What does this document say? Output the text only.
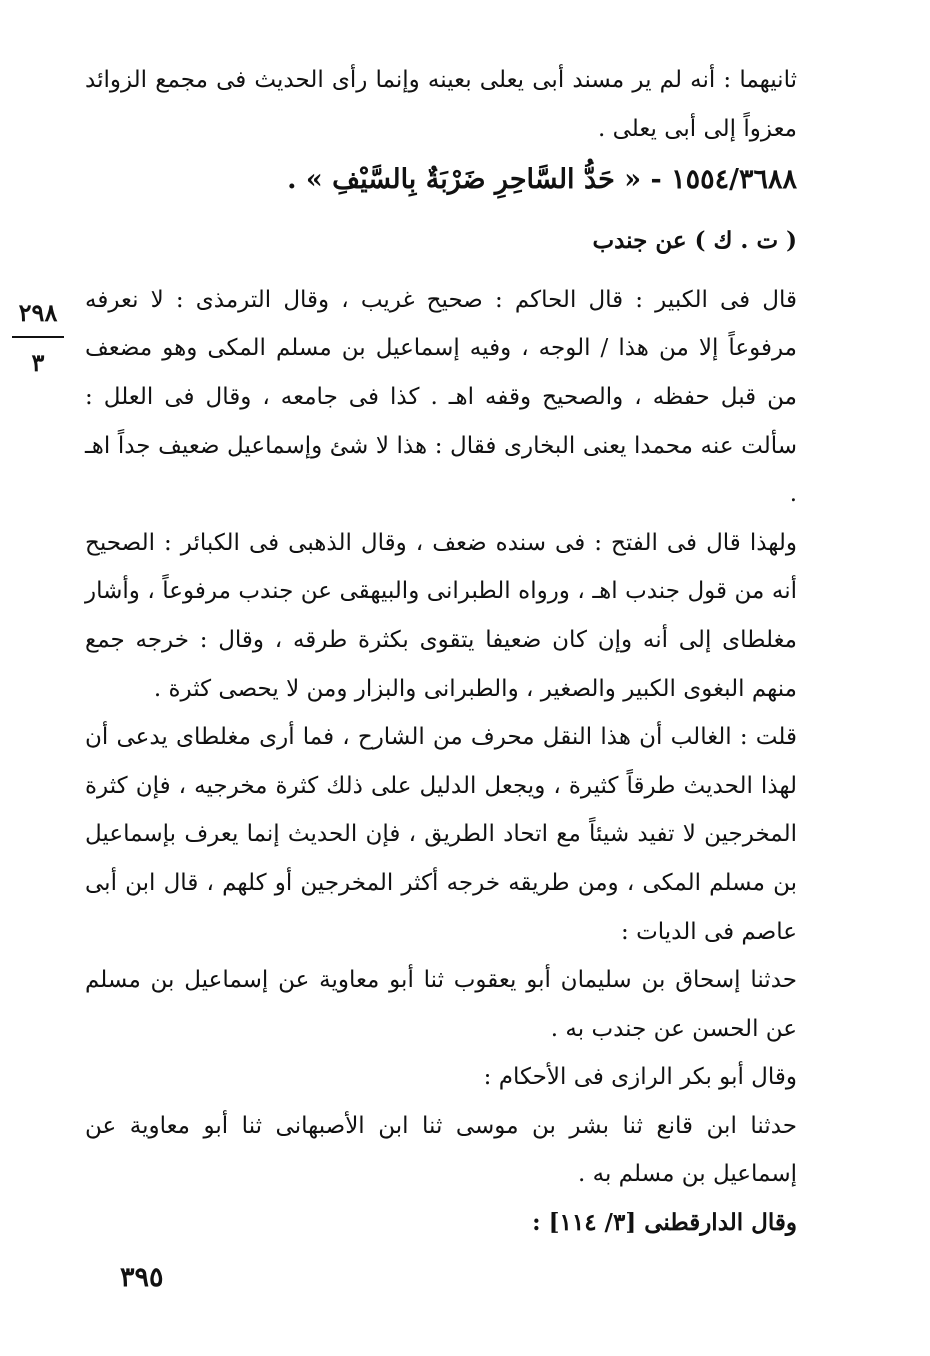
ثانيهما : أنه لم ير مسند أبى يعلى بعينه وإنما رأى الحديث فى مجمع الزوائد معزواً إلى أبى يعلى .

١٥٥٤/٣٦٨٨ - « حَدُّ السَّاحِرِ ضَرْبَةٌ بِالسَّيْفِ » .

( ت . ك ) عن جندب

قال فى الكبير : قال الحاكم : صحيح غريب ، وقال الترمذى : لا نعرفه مرفوعاً إلا من هذا / الوجه ، وفيه إسماعيل بن مسلم المكى وهو مضعف من قبل حفظه ، والصحيح وقفه اهـ . كذا فى جامعه ، وقال فى العلل : سألت عنه محمدا يعنى البخارى فقال : هذا لا شئ وإسماعيل ضعيف جداً اهـ .

ولهذا قال فى الفتح : فى سنده ضعف ، وقال الذهبى فى الكبائر : الصحيح أنه من قول جندب اهـ ، ورواه الطبرانى والبيهقى عن جندب مرفوعاً ، وأشار مغلطاى إلى أنه وإن كان ضعيفا يتقوى بكثرة طرقه ، وقال : خرجه جمع منهم البغوى الكبير والصغير ، والطبرانى والبزار ومن لا يحصى كثرة .

قلت : الغالب أن هذا النقل محرف من الشارح ، فما أرى مغلطاى يدعى أن لهذا الحديث طرقاً كثيرة ، ويجعل الدليل على ذلك كثرة مخرجيه ، فإن كثرة المخرجين لا تفيد شيئاً مع اتحاد الطريق ، فإن الحديث إنما يعرف بإسماعيل بن مسلم المكى ، ومن طريقه خرجه أكثر المخرجين أو كلهم ، قال ابن أبى عاصم فى الديات :

حدثنا إسحاق بن سليمان أبو يعقوب ثنا أبو معاوية عن إسماعيل بن مسلم عن الحسن عن جندب به .

وقال أبو بكر الرازى فى الأحكام :

حدثنا ابن قانع ثنا بشر بن موسى ثنا ابن الأصبهانى ثنا أبو معاوية عن إسماعيل بن مسلم به .

وقال الدارقطنى [٣/ ١١٤] :

٢٩٨
٣
٣٩٥
